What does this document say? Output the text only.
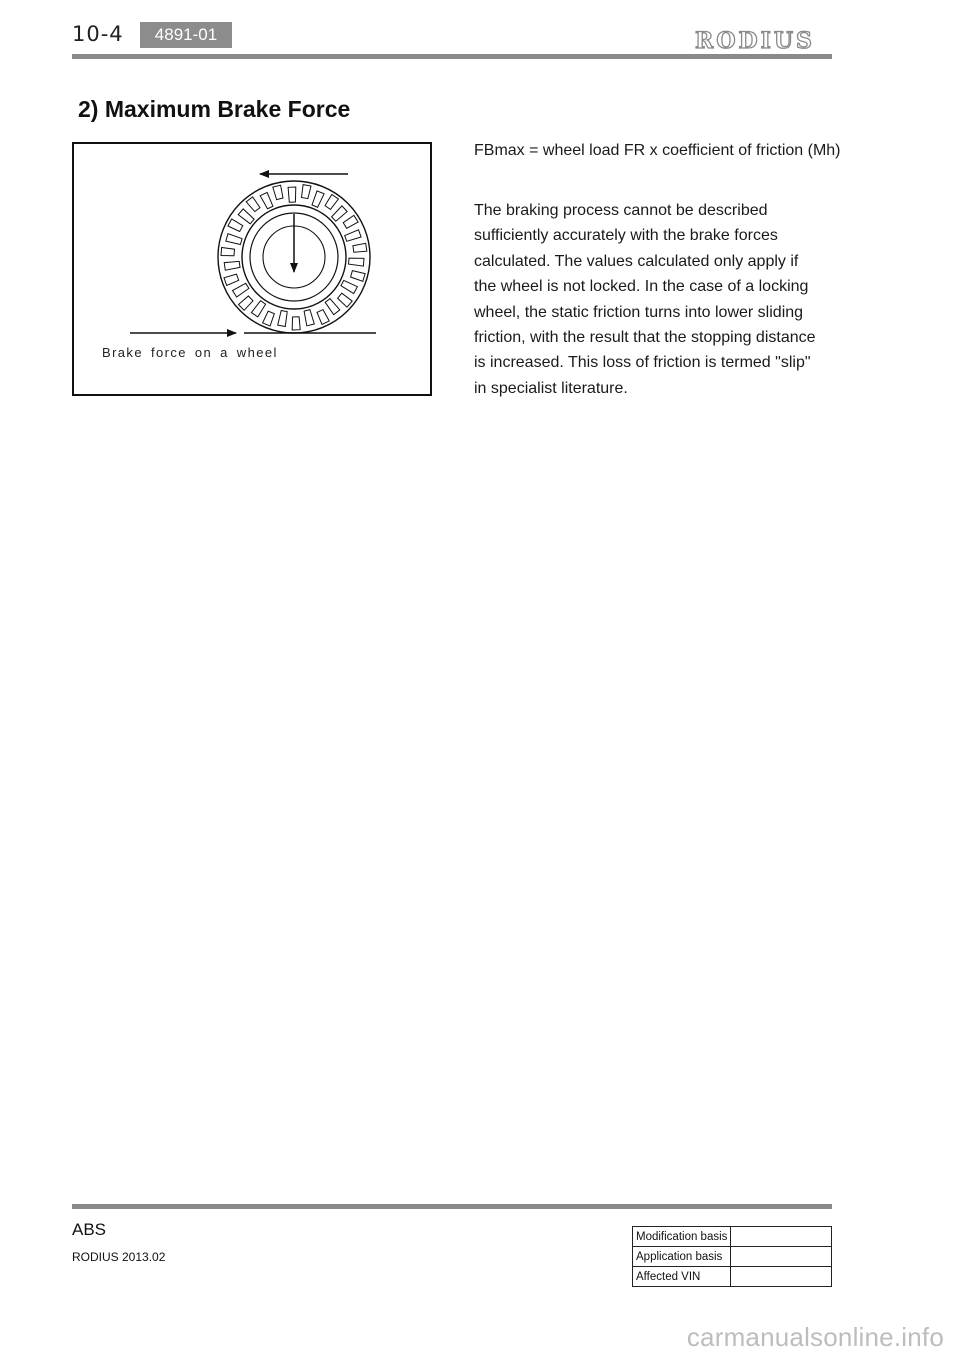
10-4	4891-01	RODIUS
2) Maximum Brake Force
Brake force on a wheel

FBmax = wheel load FR x coefficient of friction (Mh)

The braking process cannot be described
sufficiently accurately with the brake forces
calculated. The values calculated only apply if
the wheel is not locked. In the case of a locking
wheel, the static friction turns into lower sliding
friction, with the result that the stopping distance
is increased. This loss of friction is termed "slip"
in specialist literature.
ABS
RODIUS 2013.02
Modification basis	
Application basis	
Affected VIN	
carmanualsonline.info
